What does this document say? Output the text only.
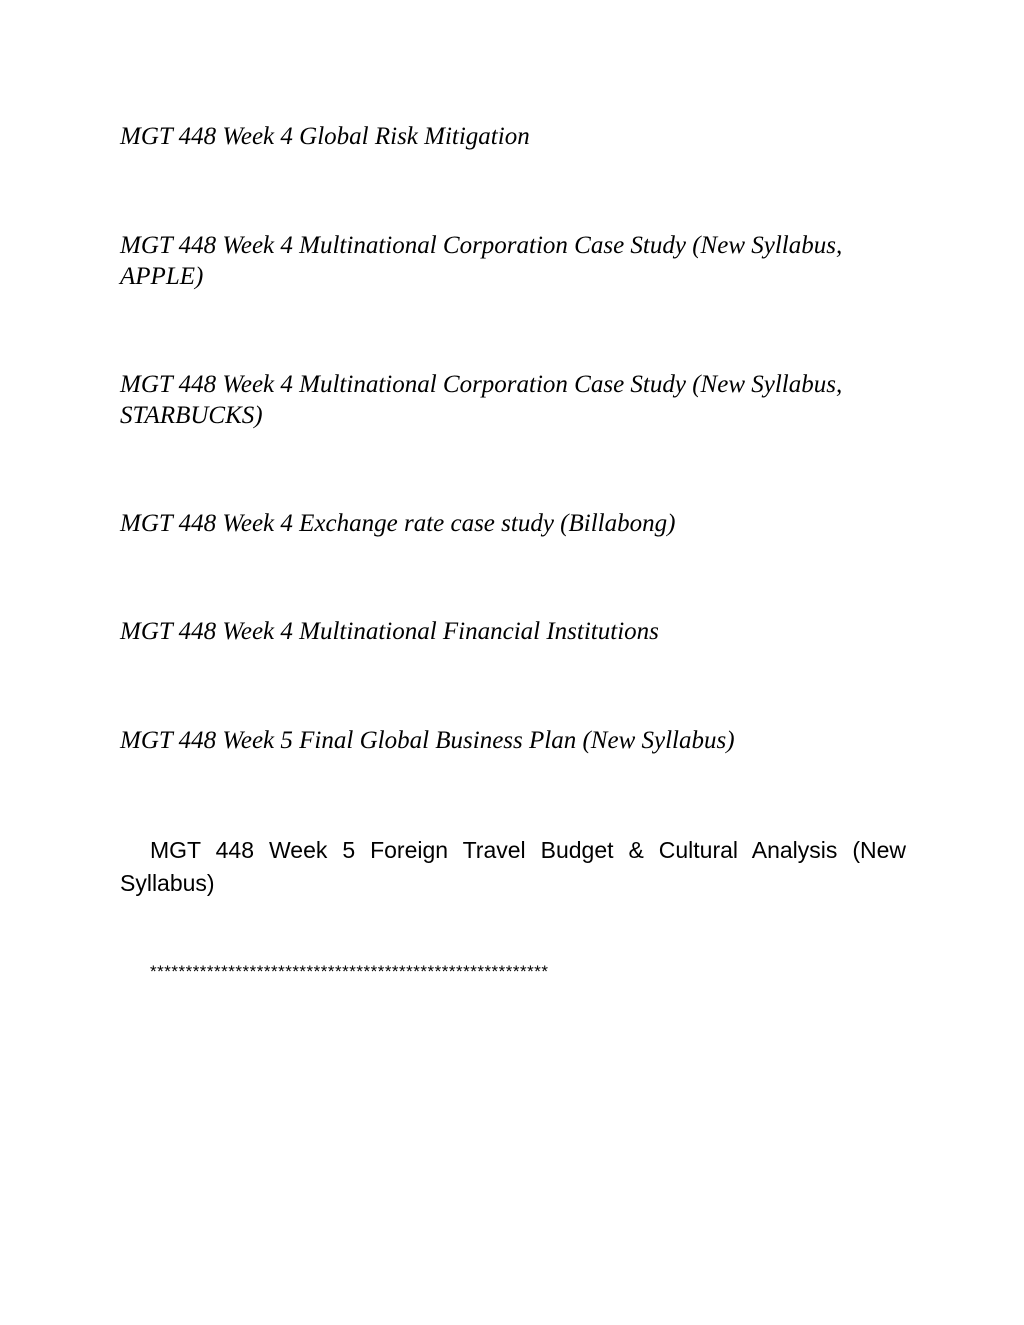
MGT 448 Week 4 Global Risk Mitigation

MGT 448 Week 4 Multinational Corporation Case Study (New Syllabus, APPLE)

MGT 448 Week 4 Multinational Corporation Case Study (New Syllabus, STARBUCKS)

MGT 448 Week 4 Exchange rate case study (Billabong)

MGT 448 Week 4 Multinational Financial Institutions

MGT 448 Week 5 Final Global Business Plan (New Syllabus)

MGT 448 Week 5 Foreign Travel Budget & Cultural Analysis (New Syllabus)

********************************************************
